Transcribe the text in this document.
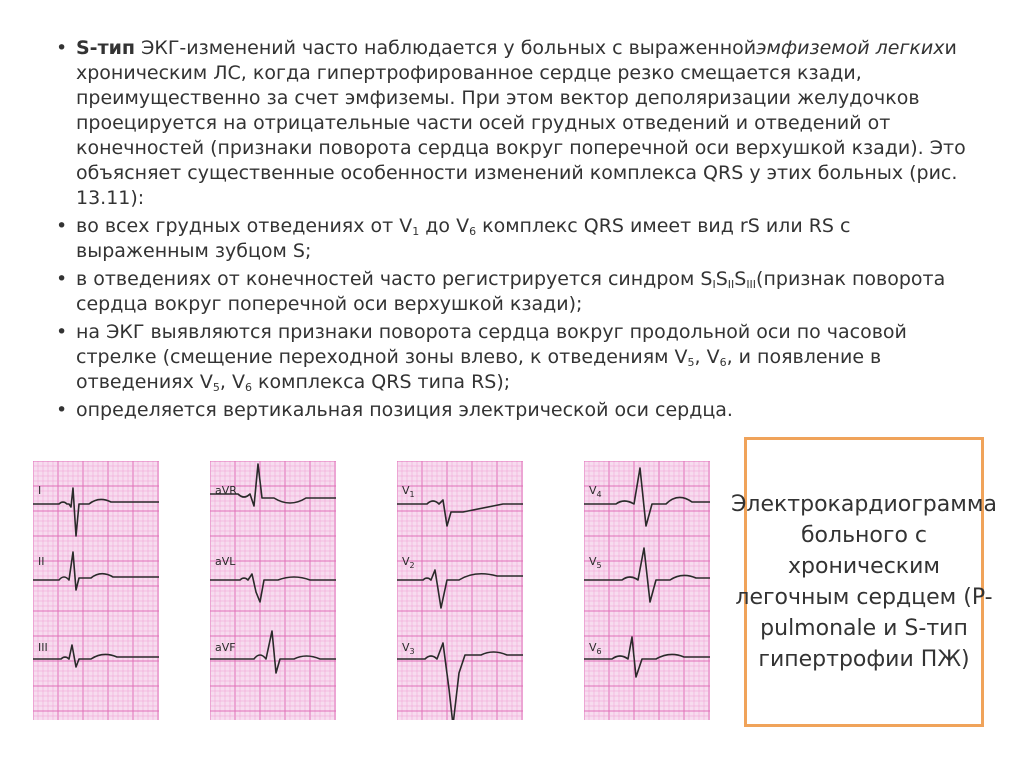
• S-тип ЭКГ-изменений часто наблюдается у больных с выраженнойэмфиземой легкихи хроническим ЛС, когда гипертрофированное сердце резко смещается кзади, преимущественно за счет эмфиземы. При этом вектор деполяризации желудочков проецируется на отрицательные части осей грудных отведений и отведений от конечностей (признаки поворота сердца вокруг поперечной оси верхушкой кзади). Это объясняет существенные особенности изменений комплекса QRS у этих больных (рис. 13.11):
• во всех грудных отведениях от $V_1$ до $V_6$ комплекс QRS имеет вид rS или RS с выраженным зубцом S;
• в отведениях от конечностей часто регистрируется синдром $S_IS_{II}S_{III}(признак$ поворота сердца вокруг поперечной оси верхушкой кзади);
• на ЭКГ выявляются признаки поворота сердца вокруг продольной оси по часовой стрелке (смещение переходной зоны влево, к отведениям $V_5$, $V_6$, и появление в отведениях $V_5$, $V_6$ комплекса QRS типа RS);
• определяется вертикальная позиция электрической оси сердца.
I
II
III
aVR
aVL
aVF
$V_1$
$V_2$
$V_3$
$V_4$
$V_5$
$V_6$
Электрокардиограмма больного с хроническим легочным сердцем (P-pulmonale и S-тип гипертрофии ПЖ)
